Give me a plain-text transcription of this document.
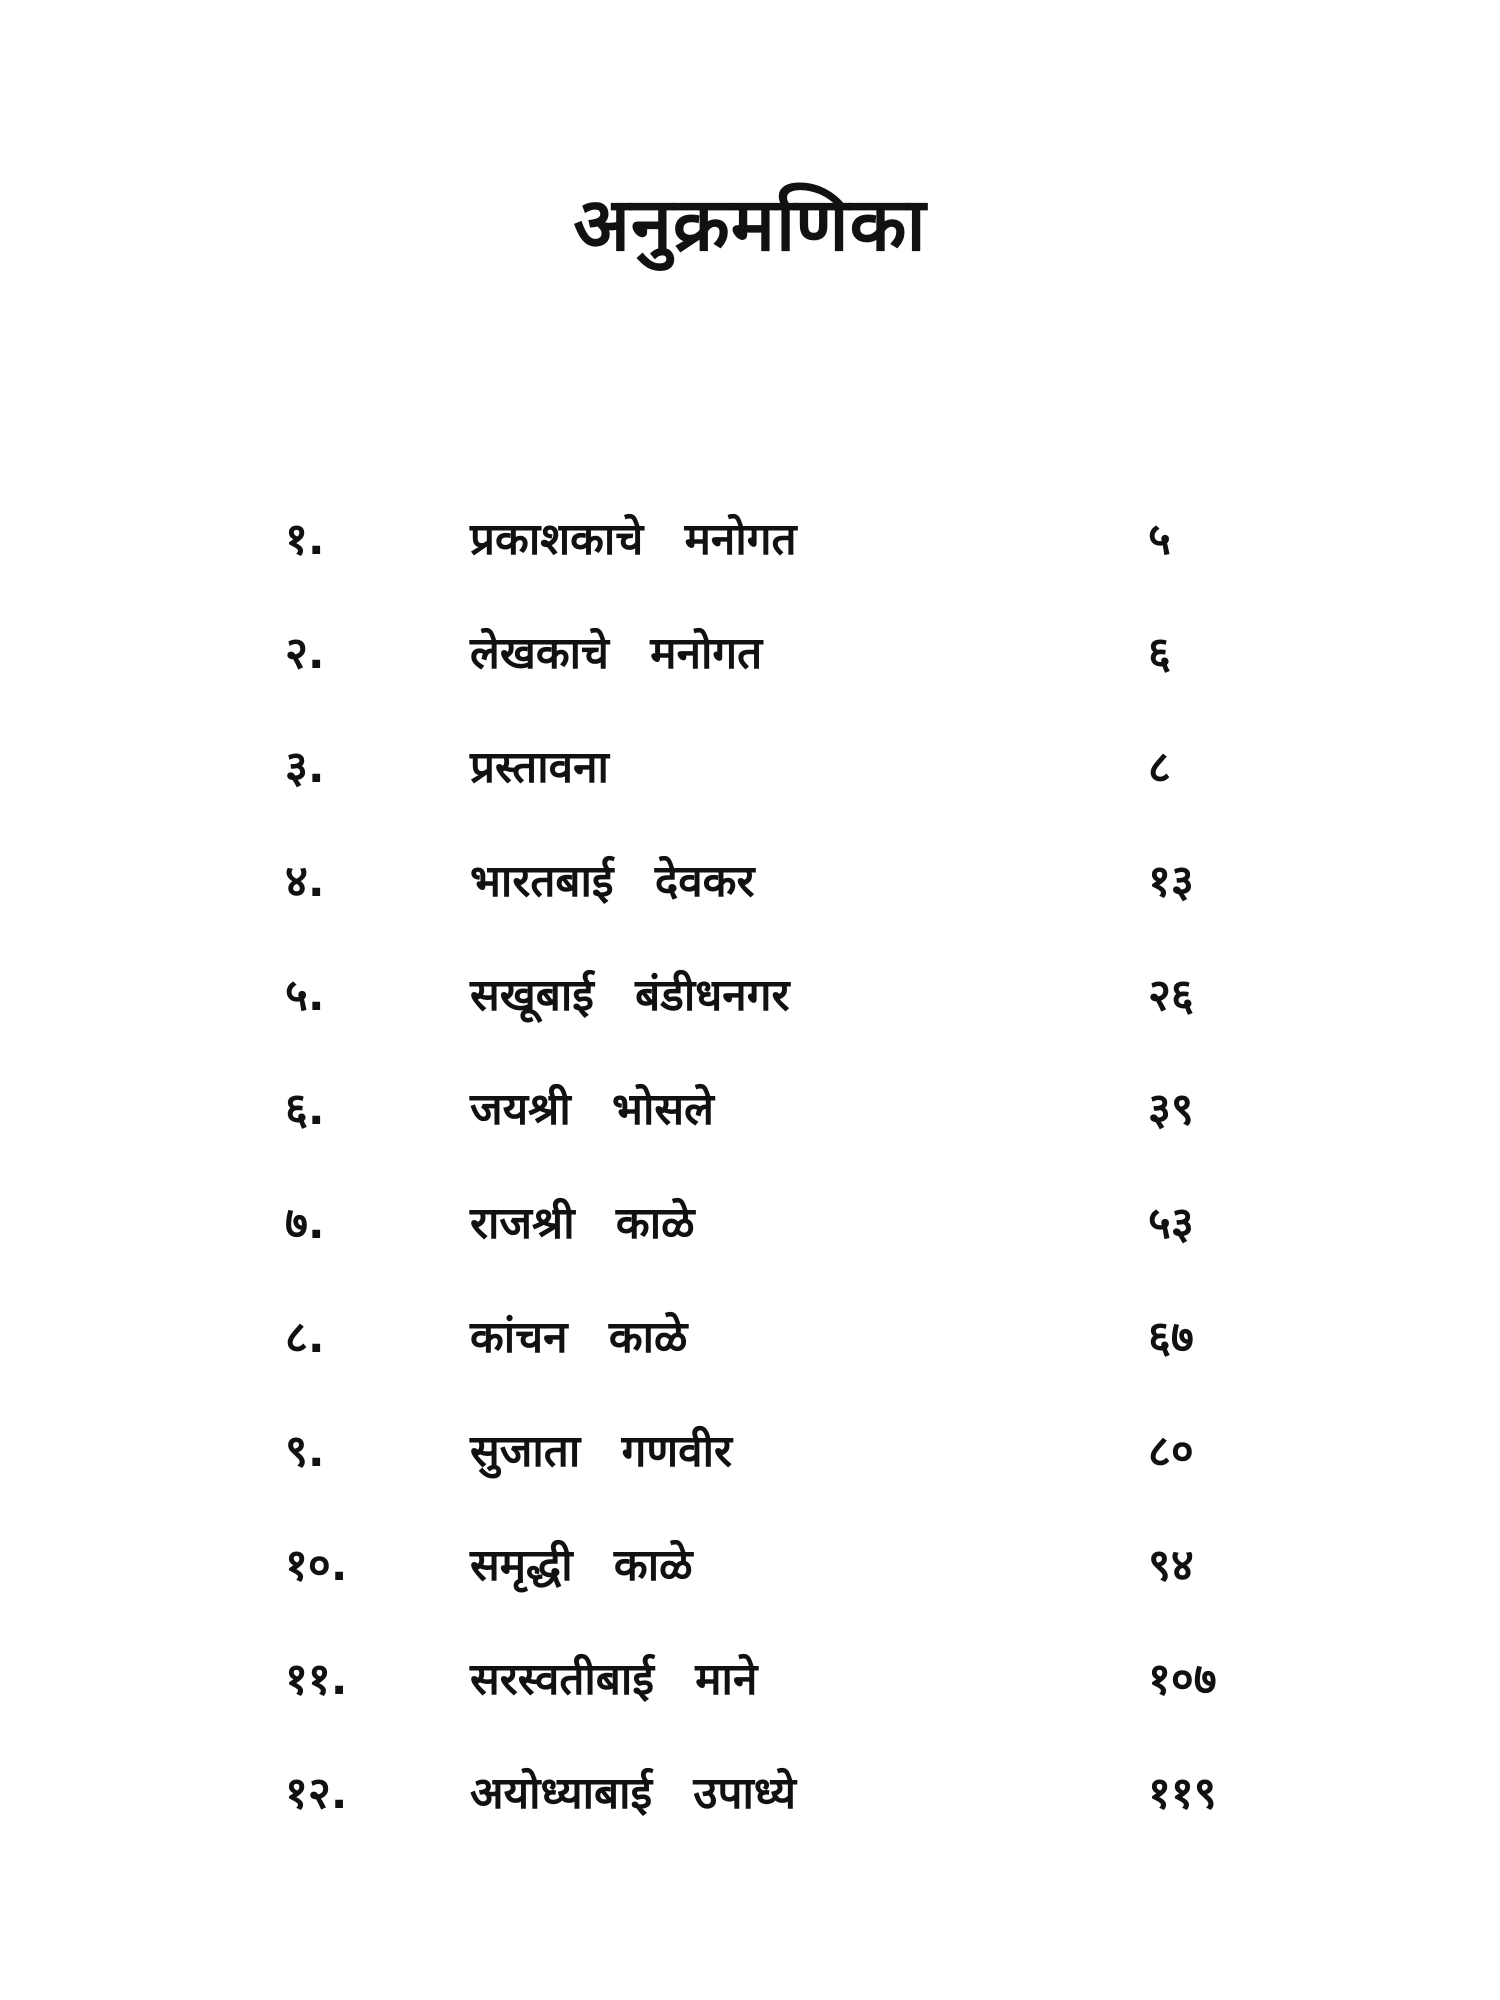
अनुक्रमणिका
१.	प्रकाशकाचे मनोगत	५
२.	लेखकाचे मनोगत	६
३.	प्रस्तावना	८
४.	भारतबाई देवकर	१३
५.	सखूबाई बंडीधनगर	२६
६.	जयश्री भोसले	३९
७.	राजश्री काळे	५३
८.	कांचन काळे	६७
९.	सुजाता गणवीर	८०
१०.	समृद्धी काळे	९४
११.	सरस्वतीबाई माने	१०७
१२.	अयोध्याबाई उपाध्ये	११९
